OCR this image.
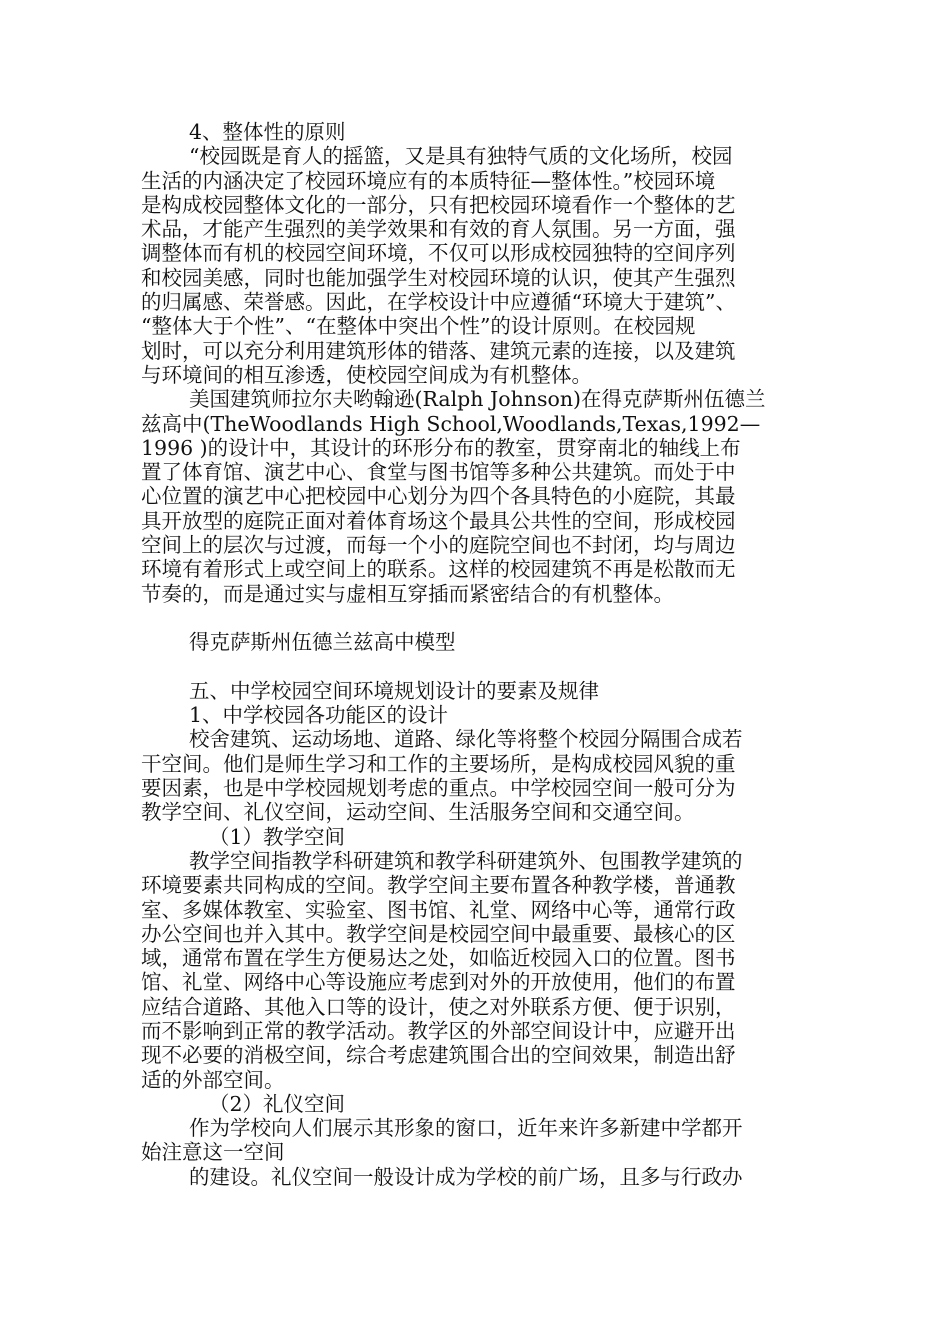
4、整体性的原则
“校园既是育人的摇篮，又是具有独特气质的文化场所，校园
生活的内涵决定了校园环境应有的本质特征—整体性。”校园环境
是构成校园整体文化的一部分，只有把校园环境看作一个整体的艺
术品，才能产生强烈的美学效果和有效的育人氛围。另一方面，强
调整体而有机的校园空间环境，不仅可以形成校园独特的空间序列
和校园美感，同时也能加强学生对校园环境的认识，使其产生强烈
的归属感、荣誉感。因此，在学校设计中应遵循“环境大于建筑”、
“整体大于个性”、“在整体中突出个性”的设计原则。在校园规
划时，可以充分利用建筑形体的错落、建筑元素的连接，以及建筑
与环境间的相互渗透，使校园空间成为有机整体。
美国建筑师拉尔夫哟翰逊(Ralph Johnson)在得克萨斯州伍德兰
兹高中(TheWoodlands High School,Woodlands,Texas,1992—
1996 )的设计中，其设计的环形分布的教室，贯穿南北的轴线上布
置了体育馆、演艺中心、食堂与图书馆等多种公共建筑。而处于中
心位置的演艺中心把校园中心划分为四个各具特色的小庭院，其最
具开放型的庭院正面对着体育场这个最具公共性的空间，形成校园
空间上的层次与过渡，而每一个小的庭院空间也不封闭，均与周边
环境有着形式上或空间上的联系。这样的校园建筑不再是松散而无
节奏的，而是通过实与虚相互穿插而紧密结合的有机整体。
得克萨斯州伍德兰兹高中模型
五、中学校园空间环境规划设计的要素及规律
1、中学校园各功能区的设计
校舍建筑、运动场地、道路、绿化等将整个校园分隔围合成若
干空间。他们是师生学习和工作的主要场所，是构成校园风貌的重
要因素，也是中学校园规划考虑的重点。中学校园空间一般可分为
教学空间、礼仪空间，运动空间、生活服务空间和交通空间。
（1）教学空间
教学空间指教学科研建筑和教学科研建筑外、包围教学建筑的
环境要素共同构成的空间。教学空间主要布置各种教学楼，普通教
室、多媒体教室、实验室、图书馆、礼堂、网络中心等，通常行政
办公空间也并入其中。教学空间是校园空间中最重要、最核心的区
域，通常布置在学生方便易达之处，如临近校园入口的位置。图书
馆、礼堂、网络中心等设施应考虑到对外的开放使用，他们的布置
应结合道路、其他入口等的设计，使之对外联系方便、便于识别，
而不影响到正常的教学活动。教学区的外部空间设计中，应避开出
现不必要的消极空间，综合考虑建筑围合出的空间效果，制造出舒
适的外部空间。
（2）礼仪空间
作为学校向人们展示其形象的窗口，近年来许多新建中学都开
始注意这一空间
的建设。礼仪空间一般设计成为学校的前广场，且多与行政办
